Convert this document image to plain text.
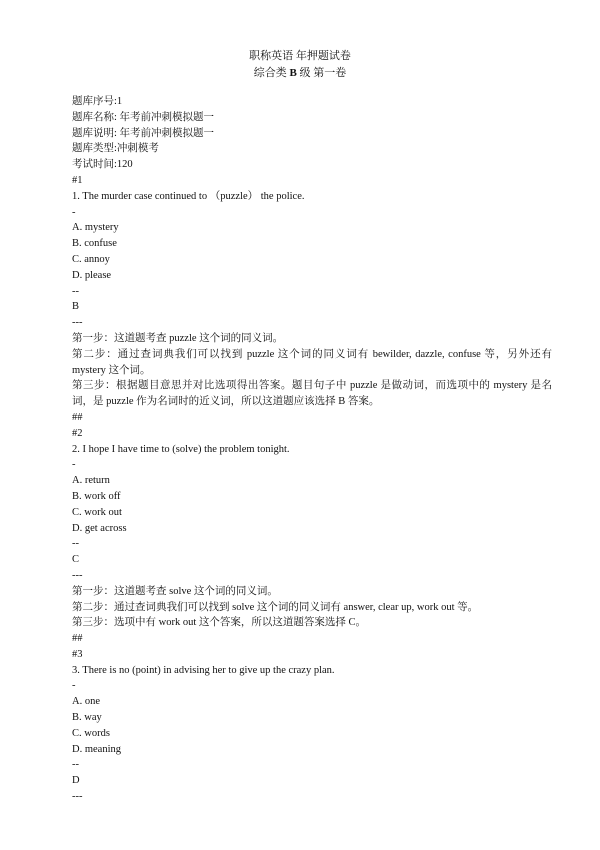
职称英语 年押题试卷
综合类 B 级 第一卷
题库序号:1
题库名称: 年考前冲刺模拟题一
题库说明: 年考前冲刺模拟题一
题库类型:冲刺模考
考试时间:120
#1
1. The murder case continued to （puzzle） the police.
-
A. mystery
B. confuse
C. annoy
D. please
--
B
---
第一步：这道题考查 puzzle 这个词的同义词。
第二步：通过查词典我们可以找到 puzzle 这个词的同义词有 bewilder, dazzle, confuse 等，另外还有 mystery 这个词。
第三步：根据题目意思并对比选项得出答案。题目句子中 puzzle 是做动词，而选项中的 mystery 是名词，是 puzzle 作为名词时的近义词，所以这道题应该选择 B 答案。
##
#2
2. I hope I have time to (solve) the problem tonight.
-
A. return
B. work off
C. work out
D. get across
--
C
---
第一步：这道题考查 solve 这个词的同义词。
第二步：通过查词典我们可以找到 solve 这个词的同义词有 answer, clear up, work out 等。
第三步：选项中有 work out 这个答案，所以这道题答案选择 C。
##
#3
3. There is no (point) in advising her to give up the crazy plan.
-
A. one
B. way
C. words
D. meaning
--
D
---
